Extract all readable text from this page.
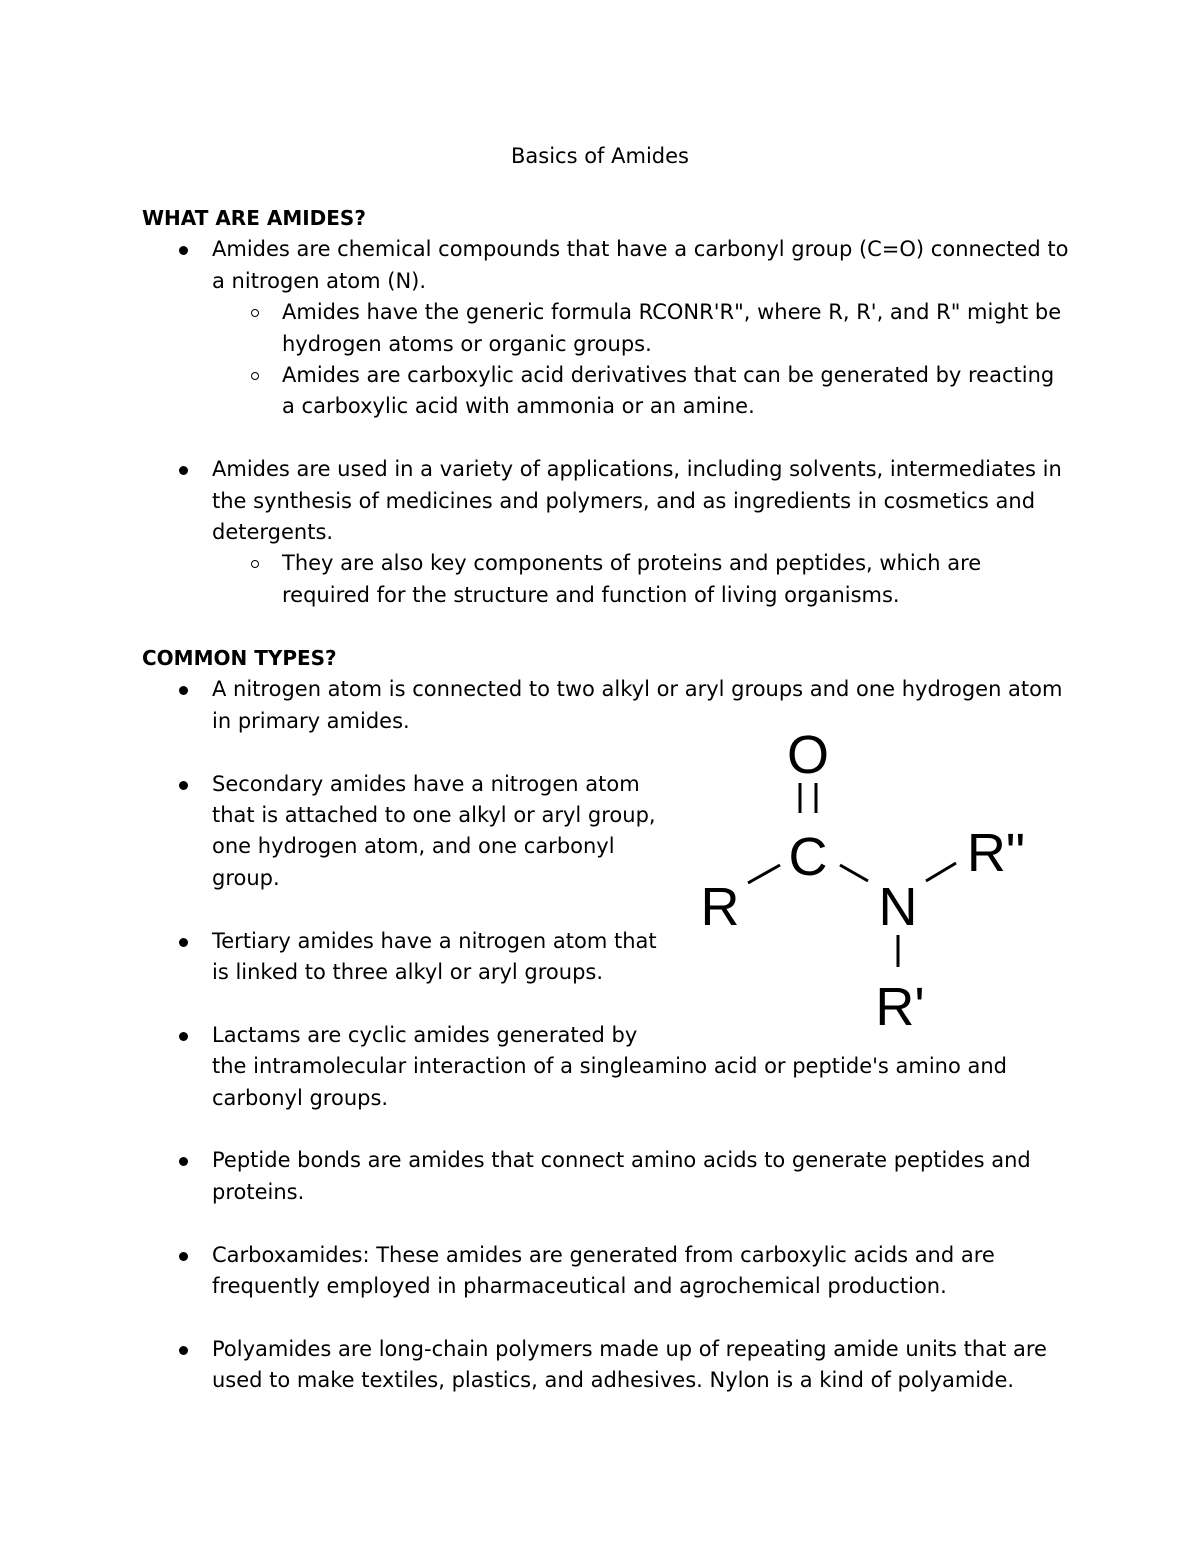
Basics of Amides
WHAT ARE AMIDES?
Amides are chemical compounds that have a carbonyl group (C=O) connected to a nitrogen atom (N).
Amides have the generic formula RCONR'R", where R, R', and R" might be hydrogen atoms or organic groups.
Amides are carboxylic acid derivatives that can be generated by reacting a carboxylic acid with ammonia or an amine.
Amides are used in a variety of applications, including solvents, intermediates in the synthesis of medicines and polymers, and as ingredients in cosmetics and detergents.
They are also key components of proteins and peptides, which are required for the structure and function of living organisms.
COMMON TYPES?
A nitrogen atom is connected to two alkyl or aryl groups and one hydrogen atom in primary amides.
Secondary amides have a nitrogen atom that is attached to one alkyl or aryl group, one hydrogen atom, and one carbonyl group.
Tertiary amides have a nitrogen atom that is linked to three alkyl or aryl groups.
Lactams are cyclic amides generated by
the intramolecular interaction of a singleamino acid or peptide's amino and carbonyl groups.
Peptide bonds are amides that connect amino acids to generate peptides and proteins.
Carboxamides: These amides are generated from carboxylic acids and are frequently employed in pharmaceutical and agrochemical production.
Polyamides are long-chain polymers made up of repeating amide units that are used to make textiles, plastics, and adhesives. Nylon is a kind of polyamide.
O
C
R	N
R"
R'
